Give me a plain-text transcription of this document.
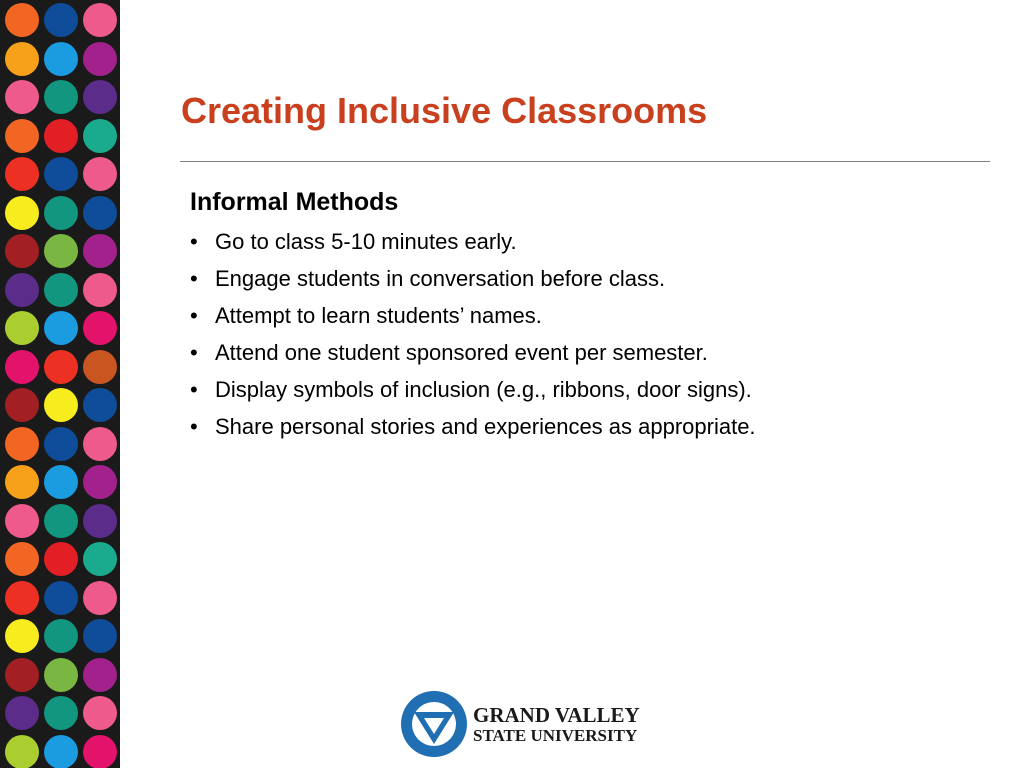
Creating Inclusive Classrooms
Informal Methods
• Go to class 5-10 minutes early.
• Engage students in conversation before class.
• Attempt to learn students’ names.
• Attend one student sponsored event per semester.
• Display symbols of inclusion (e.g., ribbons, door signs).
• Share personal stories and experiences as appropriate.
GRAND VALLEY
STATE UNIVERSITY
